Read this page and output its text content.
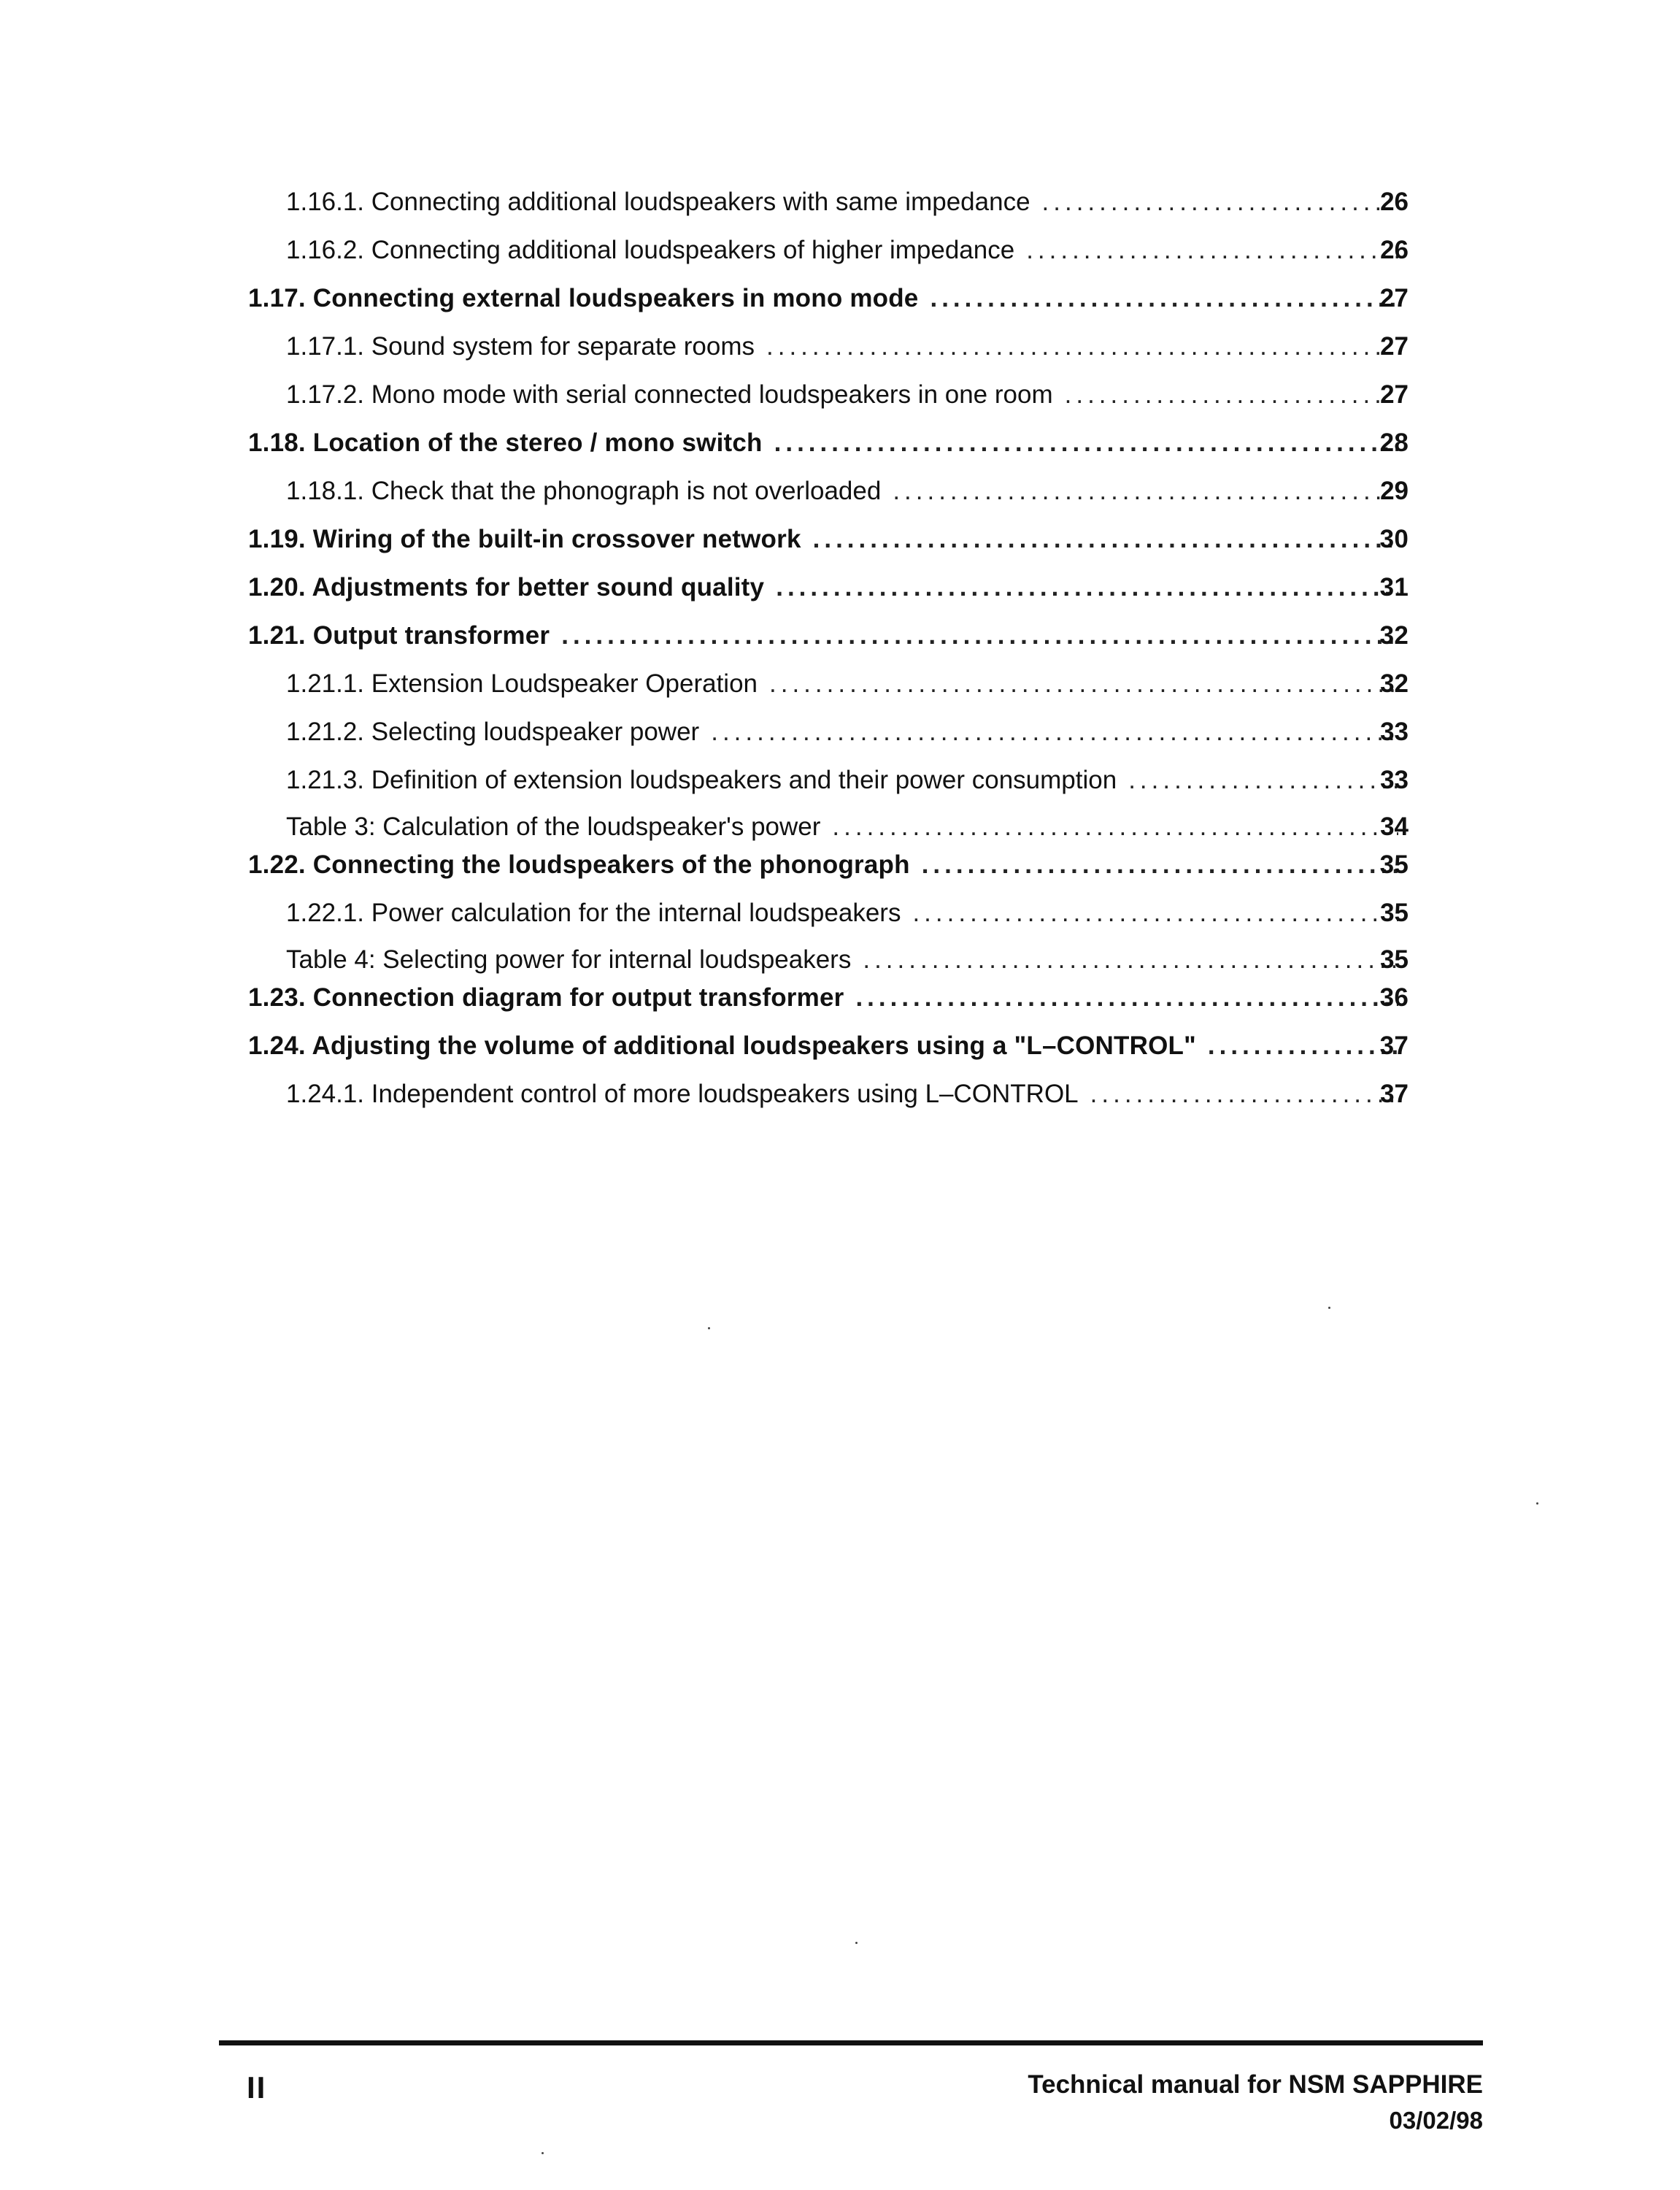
1.16.1. Connecting additional loudspeakers with same impedance .....	26
1.16.2. Connecting additional loudspeakers of higher impedance .....	26
1.17. Connecting external loudspeakers in mono mode .....	27
1.17.1. Sound system for separate rooms .....	27
1.17.2. Mono mode with serial connected loudspeakers in one room .....	27
1.18. Location of the stereo / mono switch .....	28
1.18.1. Check that the phonograph is not overloaded .....	29
1.19. Wiring of the built-in crossover network .....	30
1.20. Adjustments for better sound quality .....	31
1.21. Output transformer .....	32
1.21.1. Extension Loudspeaker Operation .....	32
1.21.2. Selecting loudspeaker power .....	33
1.21.3. Definition of extension loudspeakers and their power consumption .....	33
Table 3: Calculation of the loudspeaker's power .....	34
1.22. Connecting the loudspeakers of the phonograph .....	35
1.22.1. Power calculation for the internal loudspeakers .....	35
Table 4: Selecting power for internal loudspeakers .....	35
1.23. Connection diagram for output transformer .....	36
1.24. Adjusting the volume of additional loudspeakers using a "L–CONTROL" .....	37
1.24.1. Independent control of more loudspeakers using L–CONTROL .....	37
II	Technical manual for NSM SAPPHIRE
03/02/98
